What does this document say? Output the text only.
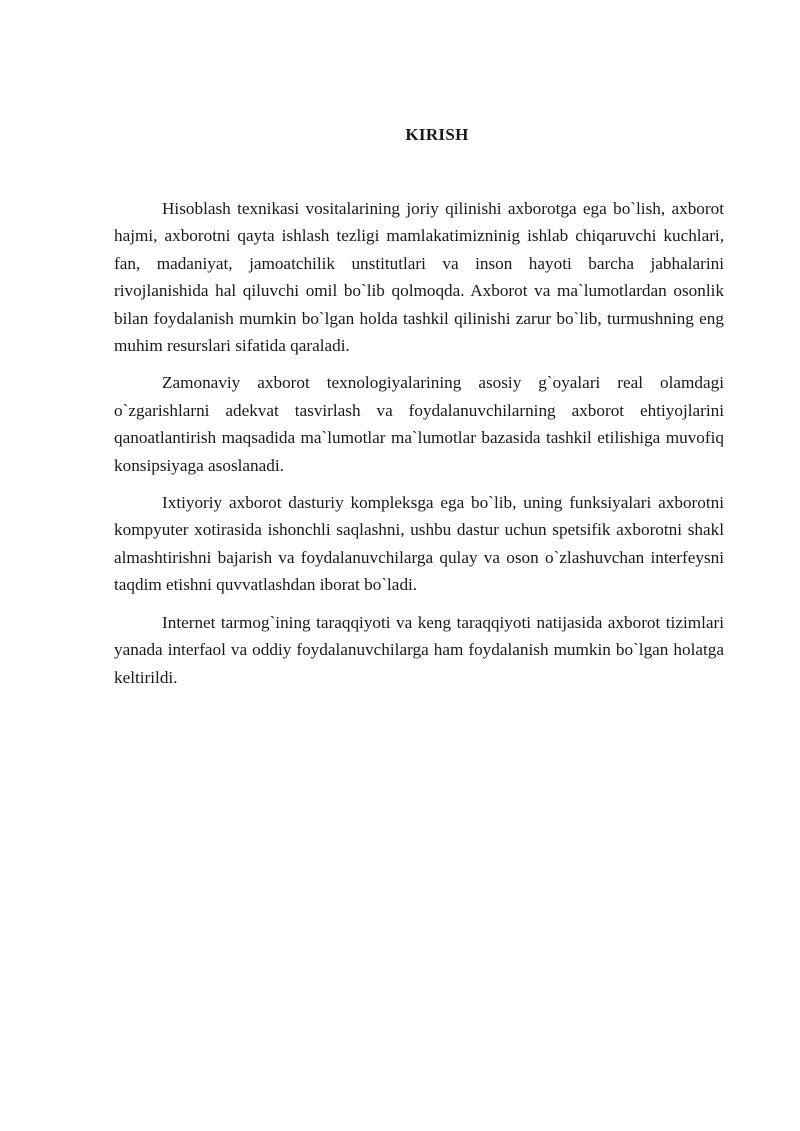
KIRISH

Hisoblash texnikasi vositalarining joriy qilinishi axborotga ega bo`lish, axborot hajmi, axborotni qayta ishlash tezligi mamlakatimizninig ishlab chiqaruvchi kuchlari, fan, madaniyat, jamoatchilik unstitutlari va inson hayoti barcha jabhalarini rivojlanishida hal qiluvchi omil bo`lib qolmoqda. Axborot va ma`lumotlardan osonlik bilan foydalanish mumkin bo`lgan holda tashkil qilinishi zarur bo`lib, turmushning eng muhim resurslari sifatida qaraladi.

Zamonaviy axborot texnologiyalarining asosiy g`oyalari real olamdagi o`zgarishlarni adekvat tasvirlash va foydalanuvchilarning axborot ehtiyojlarini qanoatlantirish maqsadida ma`lumotlar ma`lumotlar bazasida tashkil etilishiga muvofiq konsipsiyaga asoslanadi.

Ixtiyoriy axborot dasturiy kompleksga ega bo`lib, uning funksiyalari axborotni kompyuter xotirasida ishonchli saqlashni, ushbu dastur uchun spetsifik axborotni shakl almashtirishni bajarish va foydalanuvchilarga qulay va oson o`zlashuvchan interfeysni taqdim etishni quvvatlashdan iborat bo`ladi.

Internet tarmog`ining taraqqiyoti va keng taraqqiyoti natijasida axborot tizimlari yanada interfaol va oddiy foydalanuvchilarga ham foydalanish mumkin bo`lgan holatga keltirildi.
